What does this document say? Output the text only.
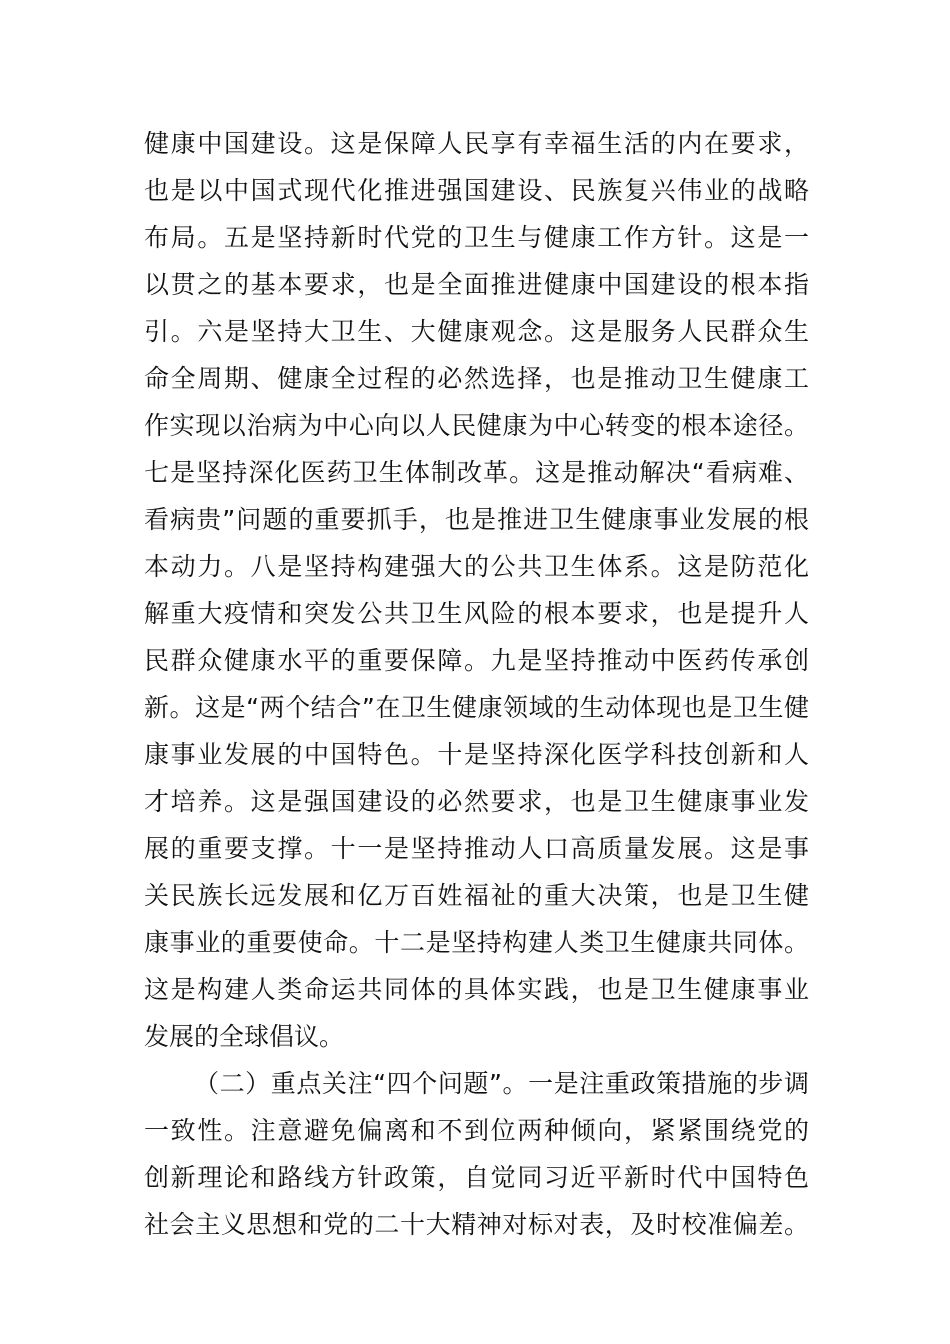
健康中国建设。这是保障人民享有幸福生活的内在要求，
也是以中国式现代化推进强国建设、民族复兴伟业的战略
布局。五是坚持新时代党的卫生与健康工作方针。这是一
以贯之的基本要求，也是全面推进健康中国建设的根本指
引。六是坚持大卫生、大健康观念。这是服务人民群众生
命全周期、健康全过程的必然选择，也是推动卫生健康工
作实现以治病为中心向以人民健康为中心转变的根本途径。
七是坚持深化医药卫生体制改革。这是推动解决“看病难、
看病贵”问题的重要抓手，也是推进卫生健康事业发展的根
本动力。八是坚持构建强大的公共卫生体系。这是防范化
解重大疫情和突发公共卫生风险的根本要求，也是提升人
民群众健康水平的重要保障。九是坚持推动中医药传承创
新。这是“两个结合”在卫生健康领域的生动体现也是卫生健
康事业发展的中国特色。十是坚持深化医学科技创新和人
才培养。这是强国建设的必然要求，也是卫生健康事业发
展的重要支撑。十一是坚持推动人口高质量发展。这是事
关民族长远发展和亿万百姓福祉的重大决策，也是卫生健
康事业的重要使命。十二是坚持构建人类卫生健康共同体。
这是构建人类命运共同体的具体实践，也是卫生健康事业
发展的全球倡议。
（二）重点关注“四个问题”。一是注重政策措施的步调
一致性。注意避免偏离和不到位两种倾向，紧紧围绕党的
创新理论和路线方针政策，自觉同习近平新时代中国特色
社会主义思想和党的二十大精神对标对表，及时校准偏差。
